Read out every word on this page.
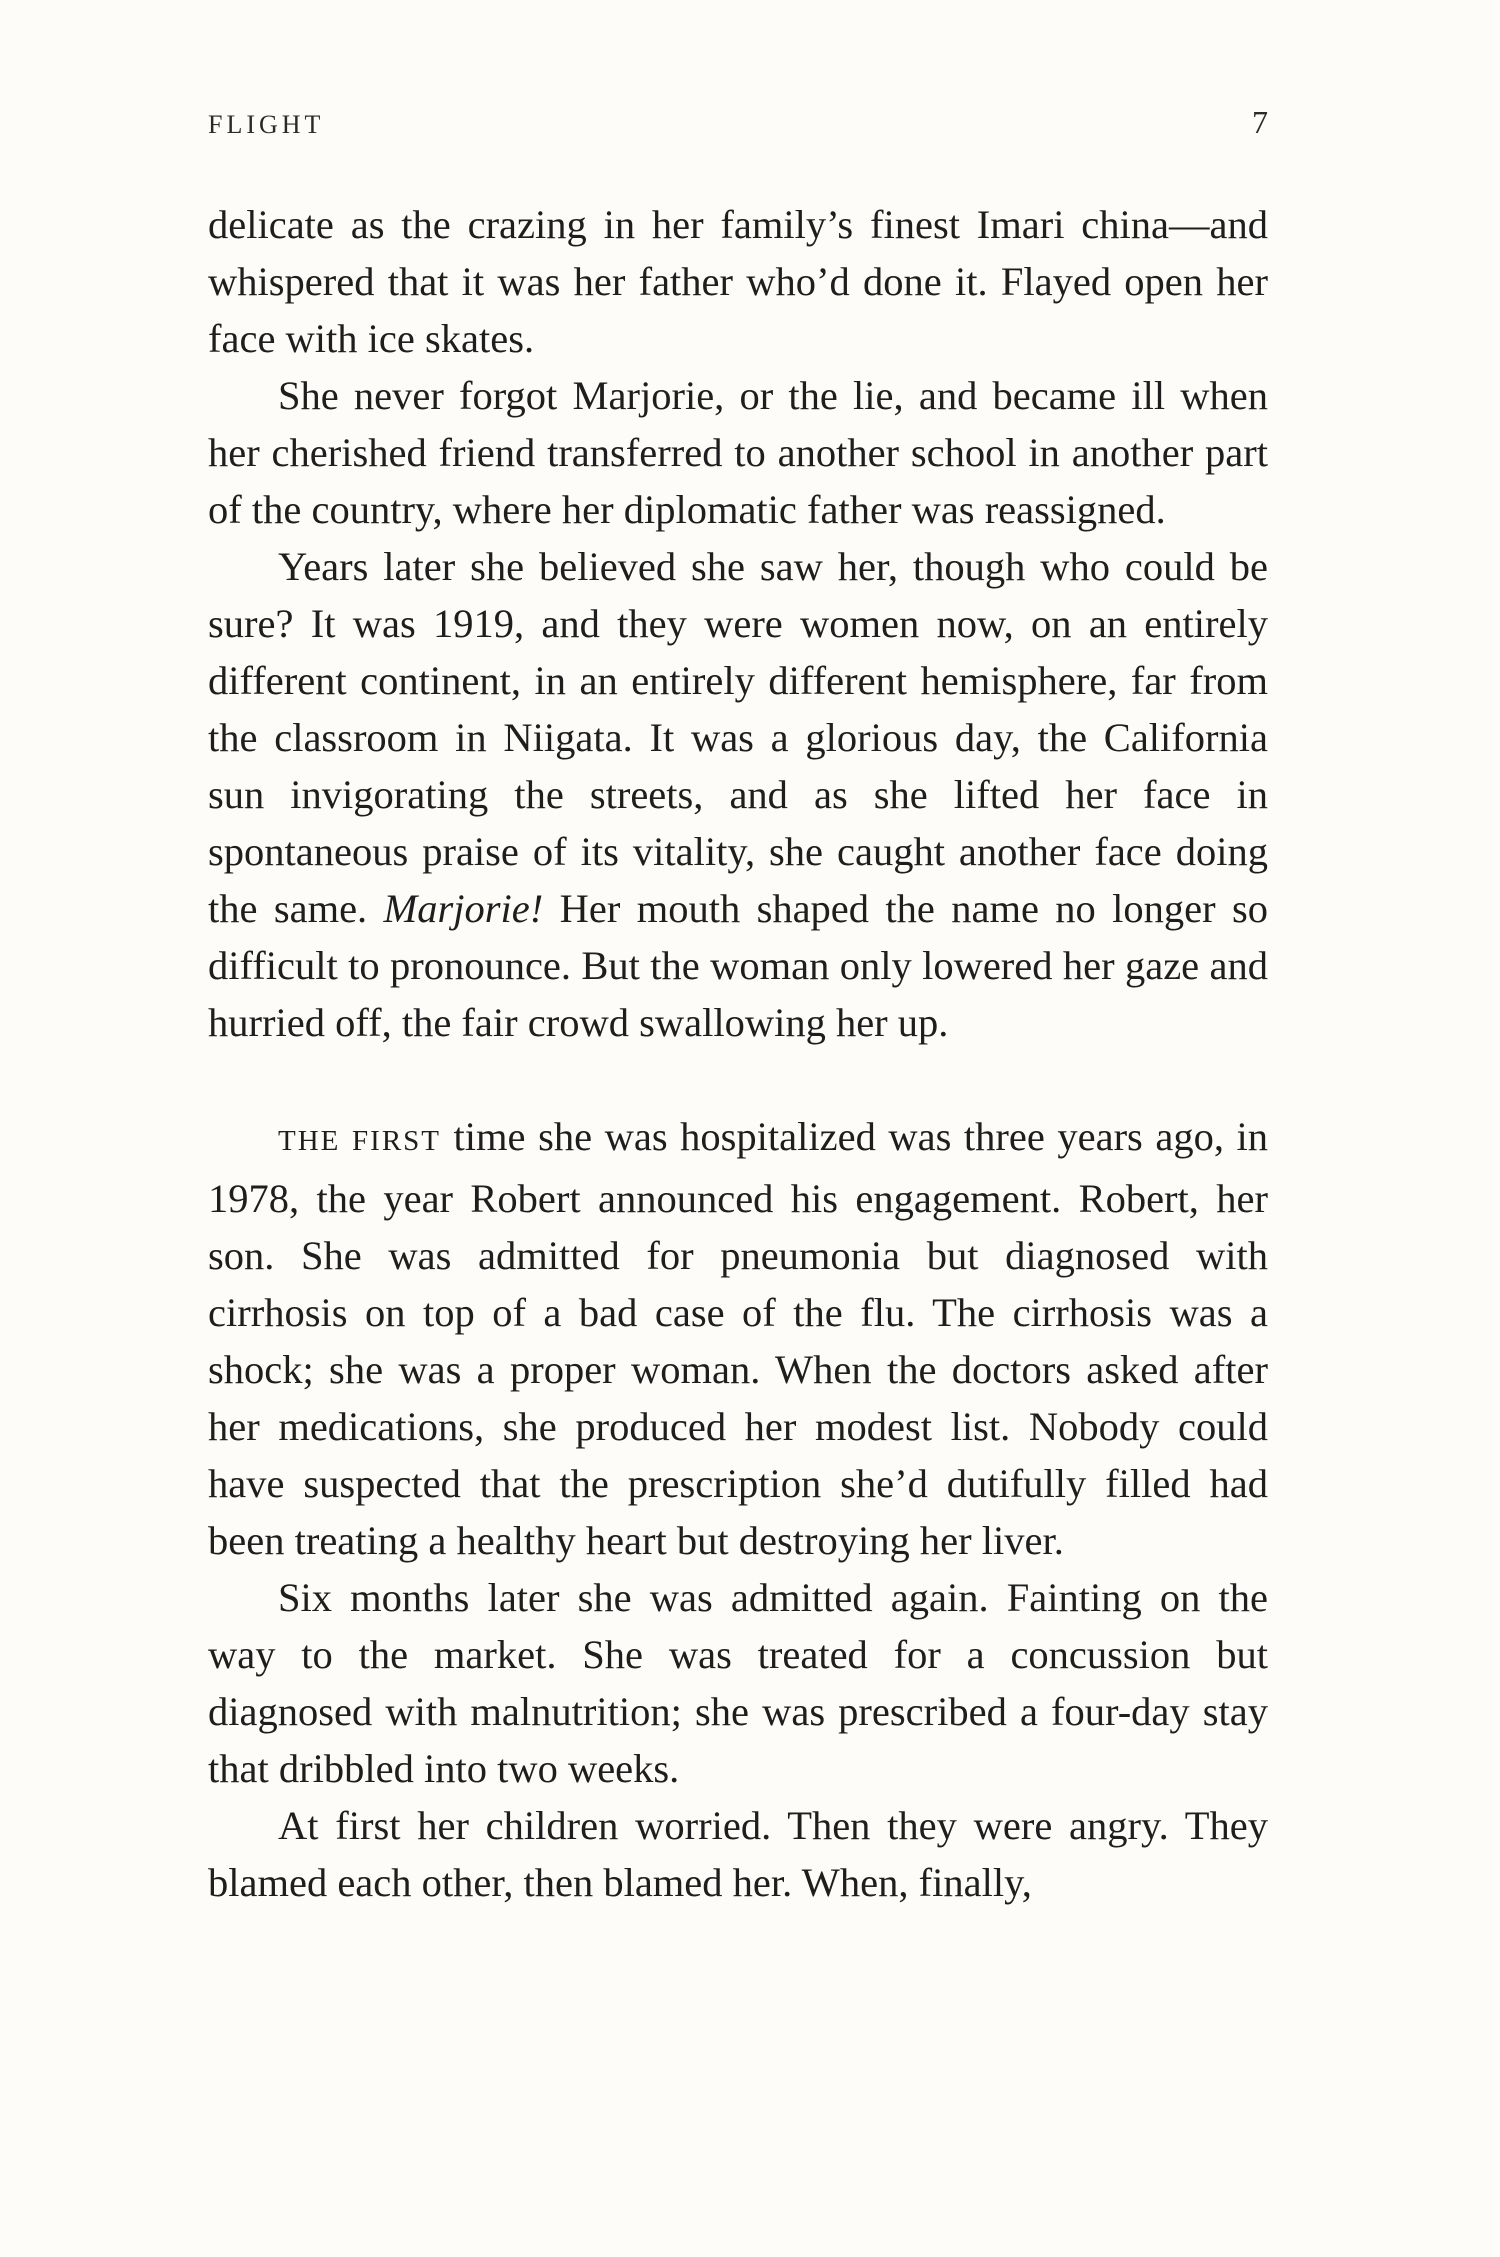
FLIGHT	7

delicate as the crazing in her family’s finest Imari china—and whispered that it was her father who’d done it. Flayed open her face with ice skates.

She never forgot Marjorie, or the lie, and became ill when her cherished friend transferred to another school in another part of the country, where her diplomatic father was reassigned.

Years later she believed she saw her, though who could be sure? It was 1919, and they were women now, on an entirely different continent, in an entirely different hemisphere, far from the classroom in Niigata. It was a glorious day, the California sun invigorating the streets, and as she lifted her face in spontaneous praise of its vitality, she caught another face doing the same. Marjorie! Her mouth shaped the name no longer so difficult to pronounce. But the woman only lowered her gaze and hurried off, the fair crowd swallowing her up.

THE FIRST time she was hospitalized was three years ago, in 1978, the year Robert announced his engagement. Robert, her son. She was admitted for pneumonia but diagnosed with cirrhosis on top of a bad case of the flu. The cirrhosis was a shock; she was a proper woman. When the doctors asked after her medications, she produced her modest list. Nobody could have suspected that the prescription she’d dutifully filled had been treating a healthy heart but destroying her liver.

Six months later she was admitted again. Fainting on the way to the market. She was treated for a concussion but diagnosed with malnutrition; she was prescribed a four-day stay that dribbled into two weeks.

At first her children worried. Then they were angry. They blamed each other, then blamed her. When, finally,
